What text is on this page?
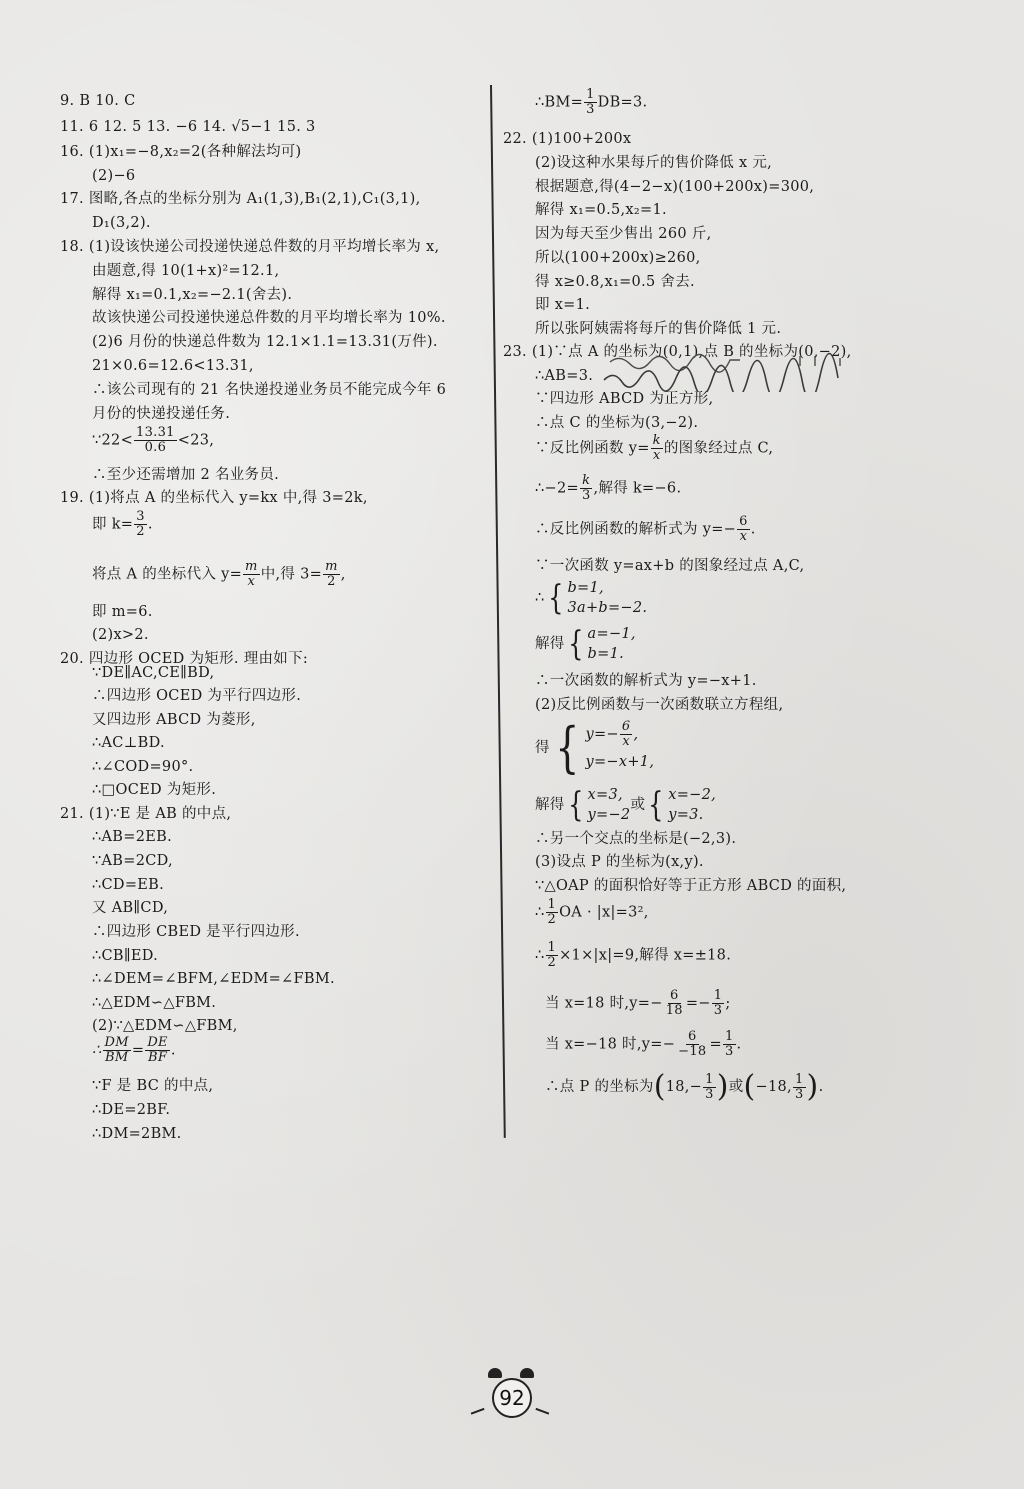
9. B 10. C
11. 6 12. 5 13. −6 14. √5−1 15. 3
16. (1)x₁=−8,x₂=2(各种解法均可)
(2)−6
17. 图略,各点的坐标分别为 A₁(1,3),B₁(2,1),C₁(3,1),
D₁(3,2).
18. (1)设该快递公司投递快递总件数的月平均增长率为 x,
由题意,得 10(1+x)²=12.1,
解得 x₁=0.1,x₂=−2.1(舍去).
故该快递公司投递快递总件数的月平均增长率为 10%.
(2)6 月份的快递总件数为 12.1×1.1=13.31(万件).
21×0.6=12.6<13.31,
∴该公司现有的 21 名快递投递业务员不能完成今年 6
月份的快递投递任务.
∵22< $\frac{13.31}{0.6} <23$,
∴至少还需增加 2 名业务员.
19. (1)将点 A 的坐标代入 y=kx 中,得 3=2k,
即 $k= \frac{3}{2}$ .
将点 A 的坐标代入 $y= \frac{m}{x}$ 中,得 $3= \frac{m}{2}$ ,
即 m=6.
(2)x>2.
20. 四边形 OCED 为矩形. 理由如下:
∵DE∥AC,CE∥BD,
∴四边形 OCED 为平行四边形.
又四边形 ABCD 为菱形,
∴AC⊥BD.
∴∠COD=90°.
∴□OCED 为矩形.
21. (1)∵E 是 AB 的中点,
∴AB=2EB.
∵AB=2CD,
∴CD=EB.
又 AB∥CD,
∴四边形 CBED 是平行四边形.
∴CB∥ED.
∴∠DEM=∠BFM,∠EDM=∠FBM.
∴△EDM∽△FBM.
(2)∵△EDM∽△FBM,
∴ $\frac{DM}{BM} = \frac{DE}{BF}$ .
∵F 是 BC 的中点,
∴DE=2BF.
∴DM=2BM.
∴BM= $\frac{1}{3} DB=3$.
22. (1)100+200x
(2)设这种水果每斤的售价降低 x 元,
根据题意,得(4−2−x)(100+200x)=300,
解得 x₁=0.5,x₂=1.
因为每天至少售出 260 斤,
所以(100+200x)≥260,
得 x≥0.8,x₁=0.5 舍去.
即 x=1.
所以张阿姨需将每斤的售价降低 1 元.
23. (1)∵点 A 的坐标为(0,1),点 B 的坐标为(0,−2),
∴AB=3.
∵四边形 ABCD 为正方形,
∴点 C 的坐标为(3,−2).
∵反比例函数 $y= \frac{k}{x}$ 的图象经过点 C,
∴−2= $\frac{k}{3}$ ,解得 k=−6.
∴反比例函数的解析式为 $y=- \frac{6}{x}$ .
∵一次函数 y=ax+b 的图象经过点 A,C,
∴ { b=1,
3a+b=−2.
解得 { a=−1,
b=1.
∴一次函数的解析式为 y=−x+1.
(2)反比例函数与一次函数联立方程组,
得 { $y=- \frac{6}{x}$ ,
y=−x+1,
解得 { x=3,
y=−2
或 { x=−2,
y=3.
∴另一个交点的坐标是(−2,3).
(3)设点 P 的坐标为(x,y).
∵△OAP 的面积恰好等于正方形 ABCD 的面积,
∴ $\frac{1}{2}$ OA · |x|=3²,
∴ $\frac{1}{2} \times 1\times|x|=9$,解得 x=±18.
当 x=18 时$,y=- \frac{6}{18} =- \frac{1}{3}$ ;
当 x=−18 时$,y=- \frac{6}{-18} = \frac{1}{3}$ .
∴点 P 的坐标为($18,- \frac{1}{3}$ )或(−18, $\frac{1}{3}$ ).
92
